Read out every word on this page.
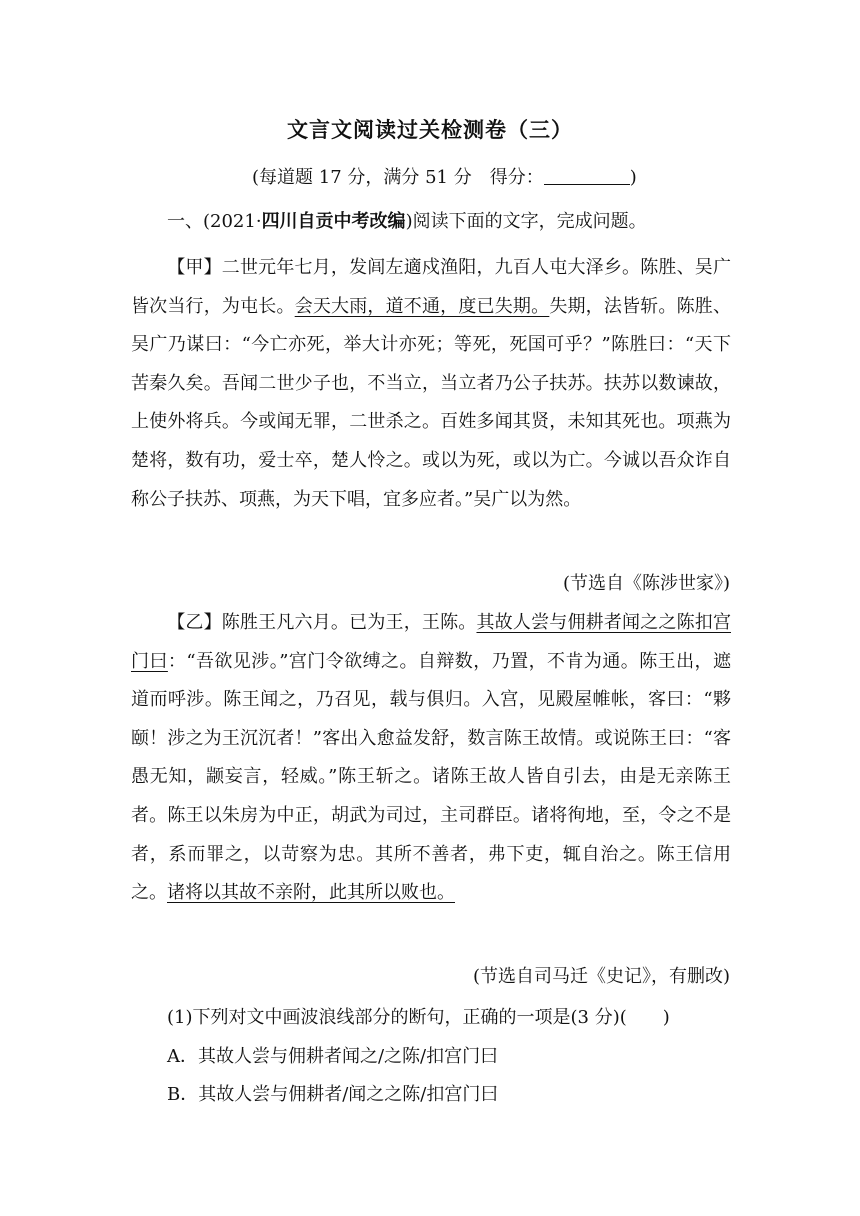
文言文阅读过关检测卷（三）
(每道题 17 分，满分 51 分　得分：	)
一、(2021·四川自贡中考改编)阅读下面的文字，完成问题。
【甲】二世元年七月，发闾左適戍渔阳，九百人屯大泽乡。陈胜、吴广皆次当行，为屯长。会天大雨，道不通，度已失期。失期，法皆斩。陈胜、吴广乃谋曰：“今亡亦死，举大计亦死；等死，死国可乎？”陈胜曰：“天下苦秦久矣。吾闻二世少子也，不当立，当立者乃公子扶苏。扶苏以数谏故，上使外将兵。今或闻无罪，二世杀之。百姓多闻其贤，未知其死也。项燕为楚将，数有功，爱士卒，楚人怜之。或以为死，或以为亡。今诚以吾众诈自称公子扶苏、项燕，为天下唱，宜多应者。”吴广以为然。
(节选自《陈涉世家》)
【乙】陈胜王凡六月。已为王，王陈。其故人尝与佣耕者闻之之陈扣宫门曰：“吾欲见涉。”宫门令欲缚之。自辩数，乃置，不肯为通。陈王出，遮道而呼涉。陈王闻之，乃召见，载与俱归。入宫，见殿屋帷帐，客曰：“夥颐！涉之为王沉沉者！”客出入愈益发舒，数言陈王故情。或说陈王曰：“客愚无知，颛妄言，轻威。”陈王斩之。诸陈王故人皆自引去，由是无亲陈王者。陈王以朱房为中正，胡武为司过，主司群臣。诸将徇地，至，令之不是者，系而罪之，以苛察为忠。其所不善者，弗下吏，辄自治之。陈王信用之。诸将以其故不亲附，此其所以败也。
(节选自司马迁《史记》，有删改)
(1)下列对文中画波浪线部分的断句，正确的一项是(3 分)(　　)
A．其故人尝与佣耕者闻之/之陈/扣宫门曰
B．其故人尝与佣耕者/闻之之陈/扣宫门曰
